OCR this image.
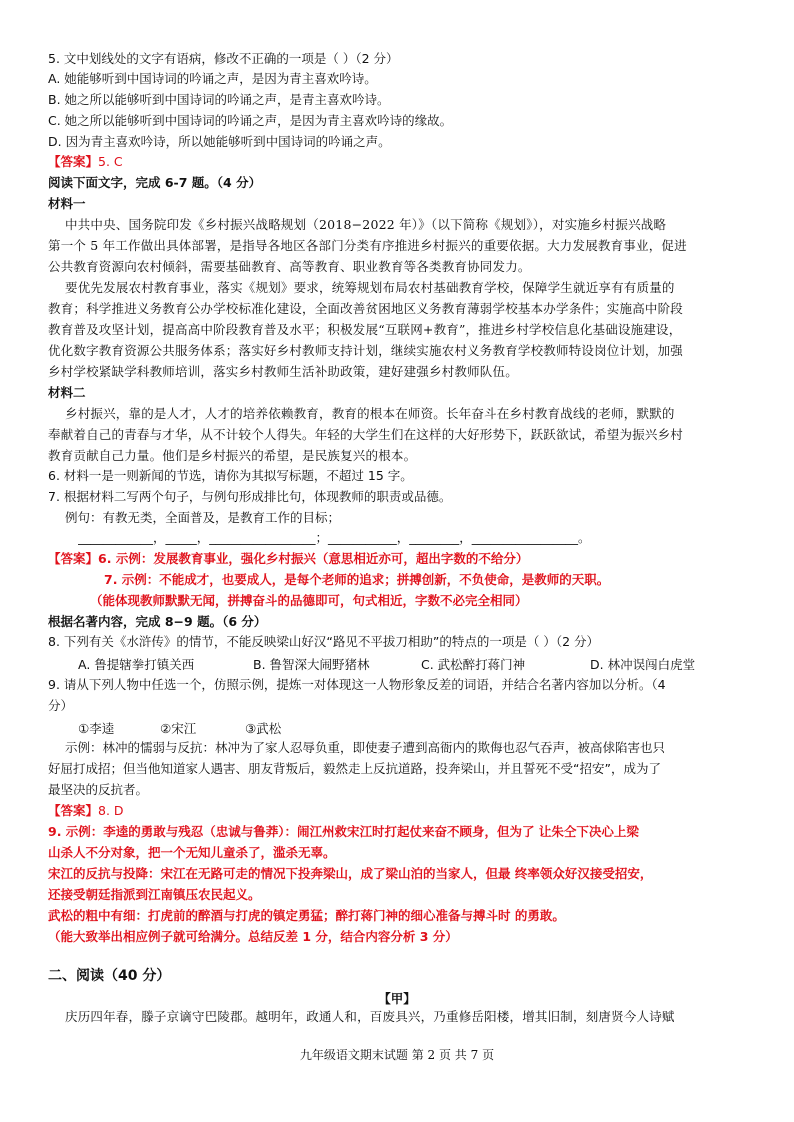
5. 文中划线处的文字有语病，修改不正确的一项是（ ）（2 分）
A. 她能够听到中国诗词的吟诵之声，是因为青主喜欢吟诗。
B. 她之所以能够听到中国诗词的吟诵之声，是青主喜欢吟诗。
C. 她之所以能够听到中国诗词的吟诵之声，是因为青主喜欢吟诗的缘故。
D. 因为青主喜欢吟诗，所以她能够听到中国诗词的吟诵之声。
【答案】5. C
阅读下面文字，完成 6-7 题。（4 分）
材料一
中共中央、国务院印发《乡村振兴战略规划（2018−2022 年）》（以下简称《规划》），对实施乡村振兴战略
第一个 5 年工作做出具体部署，是指导各地区各部门分类有序推进乡村振兴的重要依据。大力发展教育事业，促进
公共教育资源向农村倾斜，需要基础教育、高等教育、职业教育等各类教育协同发力。
要优先发展农村教育事业，落实《规划》要求，统筹规划布局农村基础教育学校，保障学生就近享有有质量的
教育；科学推进义务教育公办学校标准化建设，全面改善贫困地区义务教育薄弱学校基本办学条件；实施高中阶段
教育普及攻坚计划，提高高中阶段教育普及水平；积极发展“互联网+教育”，推进乡村学校信息化基础设施建设，
优化数字教育资源公共服务体系；落实好乡村教师支持计划，继续实施农村义务教育学校教师特设岗位计划，加强
乡村学校紧缺学科教师培训，落实乡村教师生活补助政策，建好建强乡村教师队伍。
材料二
乡村振兴，靠的是人才，人才的培养依赖教育，教育的根本在师资。长年奋斗在乡村教育战线的老师，默默的
奉献着自己的青春与才华，从不计较个人得失。年轻的大学生们在这样的大好形势下，跃跃欲试，希望为振兴乡村
教育贡献自己力量。他们是乡村振兴的希望，是民族复兴的根本。
6. 材料一是一则新闻的节选，请你为其拟写标题，不超过 15 字。
7. 根据材料二写两个句子，与例句形成排比句，体现教师的职责或品德。
例句：有教无类，全面普及，是教育工作的目标；
____________，_____，_________________；___________，________，_________________。
【答案】6. 示例：发展教育事业，强化乡村振兴（意思相近亦可，超出字数的不给分）
7. 示例：不能成才，也要成人，是每个老师的追求；拼搏创新，不负使命，是教师的天职。
（能体现教师默默无闻，拼搏奋斗的品德即可，句式相近，字数不必完全相同）
根据名著内容，完成 8−9 题。（6 分）
8. 下列有关《水浒传》的情节，不能反映梁山好汉“路见不平拔刀相助”的特点的一项是（ ）（2 分）
A. 鲁提辖拳打镇关西	B. 鲁智深大闹野猪林	C. 武松醉打蒋门神	D. 林冲误闯白虎堂
9. 请从下列人物中任选一个，仿照示例，提炼一对体现这一人物形象反差的词语，并结合名著内容加以分析。（4
分）
①李逵	②宋江	③武松
示例：林冲的懦弱与反抗：林冲为了家人忍辱负重，即使妻子遭到高衙内的欺侮也忍气吞声，被高俅陷害也只
好屈打成招；但当他知道家人遇害、朋友背叛后，毅然走上反抗道路，投奔梁山，并且誓死不受“招安”，成为了
最坚决的反抗者。
【答案】8. D
9. 示例：李逵的勇敢与残忍（忠诚与鲁莽）：闹江州救宋江时打起仗来奋不顾身，但为了 让朱仝下决心上梁
山杀人不分对象，把一个无知儿童杀了，滥杀无辜。
宋江的反抗与投降：宋江在无路可走的情况下投奔梁山，成了梁山泊的当家人，但最 终率领众好汉接受招安，
还接受朝廷指派到江南镇压农民起义。
武松的粗中有细：打虎前的醉酒与打虎的镇定勇猛；醉打蒋门神的细心准备与搏斗时 的勇敢。
（能大致举出相应例子就可给满分。总结反差 1 分，结合内容分析 3 分）
二、阅读（40 分）
【甲】
庆历四年春，滕子京谪守巴陵郡。越明年，政通人和，百废具兴，乃重修岳阳楼，增其旧制，刻唐贤今人诗赋
九年级语文期末试题 第 2 页 共 7 页
